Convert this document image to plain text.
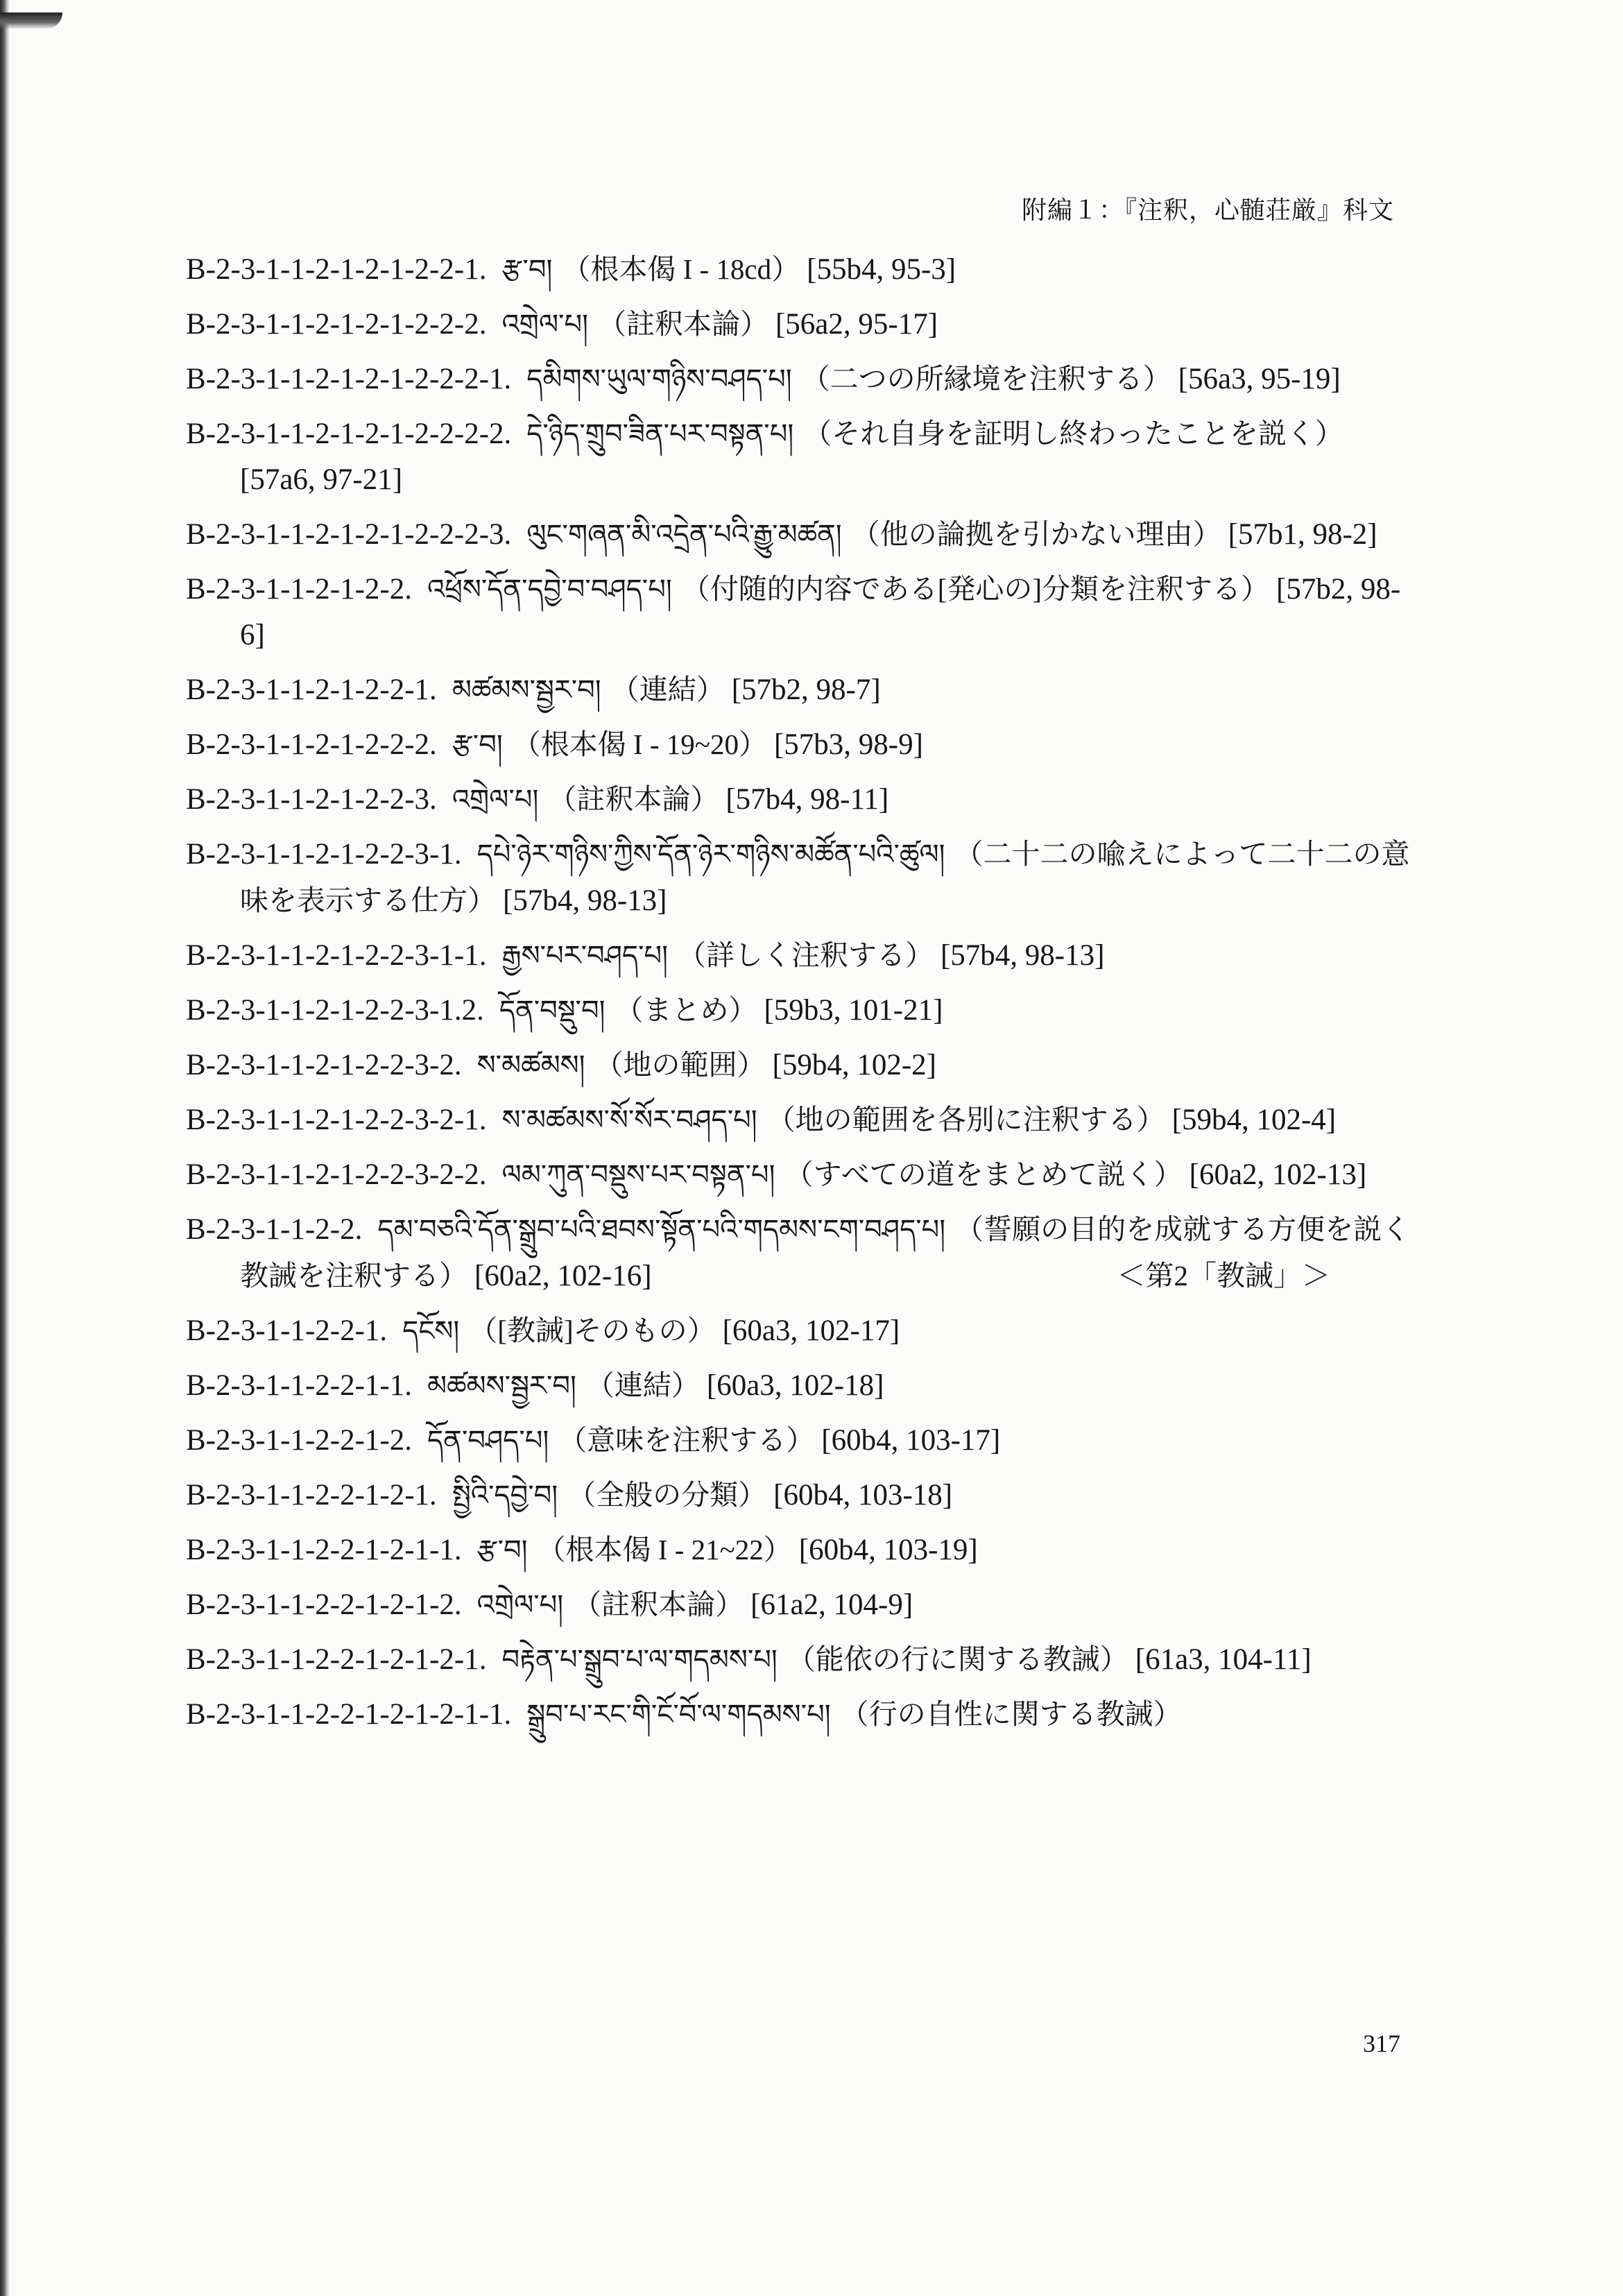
附編１：『注釈，心髄荘厳』科文
B-2-3-1-1-2-1-2-1-2-2-1. རྩ་བ། （根本偈 I - 18cd） [55b4, 95-3]
B-2-3-1-1-2-1-2-1-2-2-2. འགྲེལ་པ། （註釈本論） [56a2, 95-17]
B-2-3-1-1-2-1-2-1-2-2-2-1. དམིགས་ཡུལ་གཉིས་བཤད་པ། （二つの所縁境を注釈する） [56a3, 95-19]
B-2-3-1-1-2-1-2-1-2-2-2-2. དེ་ཉིད་གྲུབ་ཟིན་པར་བསྟན་པ། （それ自身を証明し終わったことを説く）[57a6, 97-21]
B-2-3-1-1-2-1-2-1-2-2-2-3. ལུང་གཞན་མི་འདྲེན་པའི་རྒྱུ་མཚན། （他の論拠を引かない理由） [57b1, 98-2]
B-2-3-1-1-2-1-2-2. འཕྲོས་དོན་དབྱེ་བ་བཤད་པ། （付随的内容である[発心の]分類を注釈する） [57b2, 98-6]
B-2-3-1-1-2-1-2-2-1. མཚམས་སྦྱར་བ། （連結） [57b2, 98-7]
B-2-3-1-1-2-1-2-2-2. རྩ་བ། （根本偈 I - 19~20） [57b3, 98-9]
B-2-3-1-1-2-1-2-2-3. འགྲེལ་པ། （註釈本論） [57b4, 98-11]
B-2-3-1-1-2-1-2-2-3-1. དཔེ་ཉེར་གཉིས་ཀྱིས་དོན་ཉེར་གཉིས་མཚོན་པའི་ཚུལ། （二十二の喩えによって二十二の意味を表示する仕方） [57b4, 98-13]
B-2-3-1-1-2-1-2-2-3-1-1. རྒྱས་པར་བཤད་པ། （詳しく注釈する） [57b4, 98-13]
B-2-3-1-1-2-1-2-2-3-1.2. དོན་བསྡུ་བ། （まとめ） [59b3, 101-21]
B-2-3-1-1-2-1-2-2-3-2. ས་མཚམས། （地の範囲） [59b4, 102-2]
B-2-3-1-1-2-1-2-2-3-2-1. ས་མཚམས་སོ་སོར་བཤད་པ། （地の範囲を各別に注釈する） [59b4, 102-4]
B-2-3-1-1-2-1-2-2-3-2-2. ལམ་ཀུན་བསྡུས་པར་བསྟན་པ། （すべての道をまとめて説く） [60a2, 102-13]
B-2-3-1-1-2-2. དམ་བཅའི་དོན་སྒྲུབ་པའི་ཐབས་སྟོན་པའི་གདམས་ངག་བཤད་པ། （誓願の目的を成就する方便を説く教誡を注釈する） [60a2, 102-16]	＜第2「教誡」＞
B-2-3-1-1-2-2-1. དངོས། （[教誡]そのもの） [60a3, 102-17]
B-2-3-1-1-2-2-1-1. མཚམས་སྦྱར་བ། （連結） [60a3, 102-18]
B-2-3-1-1-2-2-1-2. དོན་བཤད་པ། （意味を注釈する） [60b4, 103-17]
B-2-3-1-1-2-2-1-2-1. སྤྱིའི་དབྱེ་བ། （全般の分類） [60b4, 103-18]
B-2-3-1-1-2-2-1-2-1-1. རྩ་བ། （根本偈 I - 21~22） [60b4, 103-19]
B-2-3-1-1-2-2-1-2-1-2. འགྲེལ་པ། （註釈本論） [61a2, 104-9]
B-2-3-1-1-2-2-1-2-1-2-1. བརྟེན་པ་སྒྲུབ་པ་ལ་གདམས་པ། （能依の行に関する教誡） [61a3, 104-11]
B-2-3-1-1-2-2-1-2-1-2-1-1. སྒྲུབ་པ་རང་གི་ངོ་བོ་ལ་གདམས་པ། （行の自性に関する教誡）
317
